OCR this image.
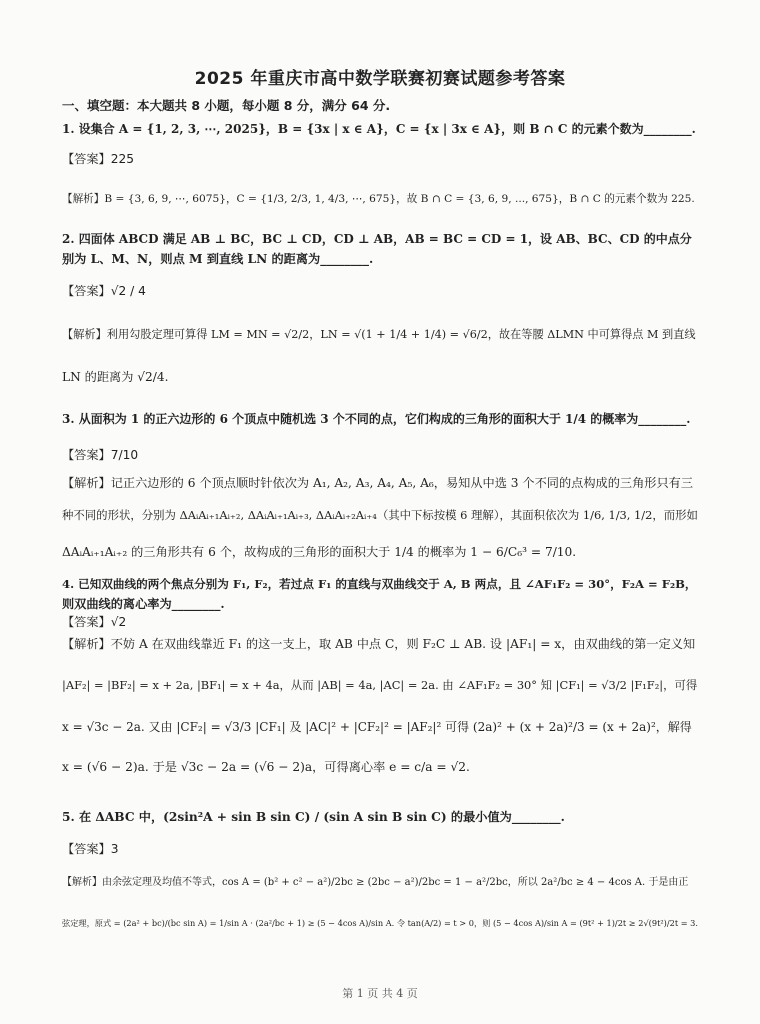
2025 年重庆市高中数学联赛初赛试题参考答案
一、填空题：本大题共 8 小题，每小题 8 分，满分 64 分.
1. 设集合 A = {1, 2, 3, ⋯, 2025}，B = {3x | x ∈ A}，C = {x | 3x ∈ A}，则 B ∩ C 的元素个数为________.
【答案】225
【解析】B = {3, 6, 9, ⋯, 6075}，C = {1/3, 2/3, 1, 4/3, ⋯, 675}，故 B ∩ C = {3, 6, 9, ..., 675}，B ∩ C 的元素个数为 225.
2. 四面体 ABCD 满足 AB ⊥ BC，BC ⊥ CD，CD ⊥ AB，AB = BC = CD = 1，设 AB、BC、CD 的中点分
别为 L、M、N，则点 M 到直线 LN 的距离为________.
【答案】√2 / 4
【解析】利用勾股定理可算得 LM = MN = √2/2，LN = √(1 + 1/4 + 1/4) = √6/2，故在等腰 ΔLMN 中可算得点 M 到直线
LN 的距离为 √2/4.
3. 从面积为 1 的正六边形的 6 个顶点中随机选 3 个不同的点，它们构成的三角形的面积大于 1/4 的概率为________.
【答案】7/10
【解析】记正六边形的 6 个顶点顺时针依次为 A₁, A₂, A₃, A₄, A₅, A₆，易知从中选 3 个不同的点构成的三角形只有三
种不同的形状，分别为 ΔAᵢAᵢ₊₁Aᵢ₊₂, ΔAᵢAᵢ₊₁Aᵢ₊₃, ΔAᵢAᵢ₊₂Aᵢ₊₄（其中下标按模 6 理解），其面积依次为 1/6, 1/3, 1/2，而形如
ΔAᵢAᵢ₊₁Aᵢ₊₂ 的三角形共有 6 个，故构成的三角形的面积大于 1/4 的概率为 1 − 6/C₆³ = 7/10.
4. 已知双曲线的两个焦点分别为 F₁, F₂，若过点 F₁ 的直线与双曲线交于 A, B 两点，且 ∠AF₁F₂ = 30°，F₂A = F₂B，
则双曲线的离心率为________.
【答案】√2
【解析】不妨 A 在双曲线靠近 F₁ 的这一支上，取 AB 中点 C，则 F₂C ⊥ AB. 设 |AF₁| = x，由双曲线的第一定义知
|AF₂| = |BF₂| = x + 2a, |BF₁| = x + 4a，从而 |AB| = 4a, |AC| = 2a. 由 ∠AF₁F₂ = 30° 知 |CF₁| = √3/2 |F₁F₂|，可得
x = √3c − 2a. 又由 |CF₂| = √3/3 |CF₁| 及 |AC|² + |CF₂|² = |AF₂|² 可得 (2a)² + (x + 2a)²/3 = (x + 2a)²，解得
x = (√6 − 2)a. 于是 √3c − 2a = (√6 − 2)a，可得离心率 e = c/a = √2.
5. 在 ΔABC 中，(2sin²A + sin B sin C) / (sin A sin B sin C) 的最小值为________.
【答案】3
【解析】由余弦定理及均值不等式，cos A = (b² + c² − a²)/2bc ≥ (2bc − a²)/2bc = 1 − a²/2bc，所以 2a²/bc ≥ 4 − 4cos A. 于是由正
弦定理，原式 = (2a² + bc)/(bc sin A) = 1/sin A · (2a²/bc + 1) ≥ (5 − 4cos A)/sin A. 令 tan(A/2) = t > 0，则 (5 − 4cos A)/sin A = (9t² + 1)/2t ≥ 2√(9t²)/2t = 3.
第 1 页 共 4 页
